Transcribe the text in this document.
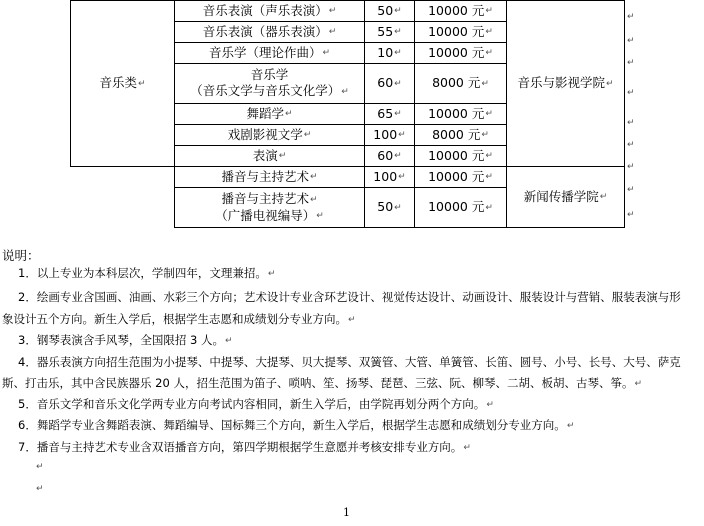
音乐类↵	音乐表演（声乐表演）↵	50↵	10000 元↵	音乐与影视学院↵
	音乐表演（器乐表演）↵	55↵	10000 元↵	
	音乐学（理论作曲）↵	10↵	10000 元↵	
	音乐学
（音乐文学与音乐文化学）↵	60↵	8000 元↵	
	舞蹈学↵	65↵	10000 元↵	
	戏剧影视文学↵	100↵	8000 元↵	
	表演↵	60↵	10000 元↵	
	播音与主持艺术↵	100↵	10000 元↵	新闻传播学院↵
	播音与主持艺术↵
（广播电视编导）↵	50↵	10000 元↵	
↵
↵
↵
↵
↵
↵
↵
↵
↵
说明：
1．以上专业为本科层次，学制四年，文理兼招。↵
2．绘画专业含国画、油画、水彩三个方向；艺术设计专业含环艺设计、视觉传达设计、动画设计、服装设计与营销、服装表演与形
象设计五个方向。新生入学后，根据学生志愿和成绩划分专业方向。↵
3．钢琴表演含手风琴，全国限招 3 人。↵
4．器乐表演方向招生范围为小提琴、中提琴、大提琴、贝大提琴、双簧管、大管、单簧管、长笛、圆号、小号、长号、大号、萨克
斯、打击乐，其中含民族器乐 20 人，招生范围为笛子、唢呐、笙、扬琴、琵琶、三弦、阮、柳琴、二胡、板胡、古琴、筝。↵
5．音乐文学和音乐文化学两专业方向考试内容相同，新生入学后，由学院再划分两个方向。↵
6．舞蹈学专业含舞蹈表演、舞蹈编导、国标舞三个方向，新生入学后，根据学生志愿和成绩划分专业方向。↵
7．播音与主持艺术专业含双语播音方向，第四学期根据学生意愿并考核安排专业方向。↵
↵
↵
1
